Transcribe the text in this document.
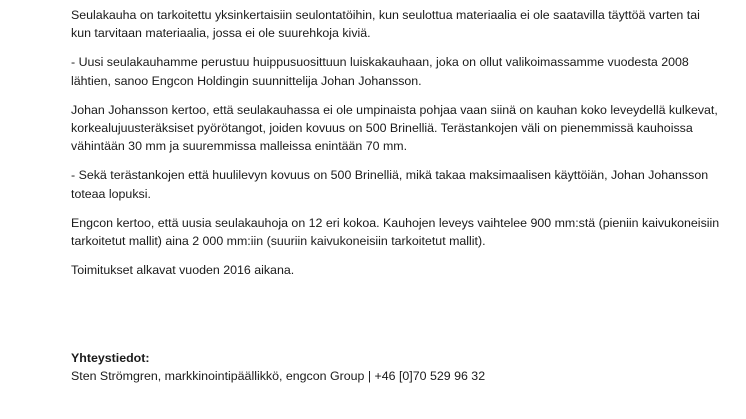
Seulakauha on tarkoitettu yksinkertaisiin seulontatöihin, kun seulottua materiaalia ei ole saatavilla täyttöä varten tai kun tarvitaan materiaalia, jossa ei ole suurehkoja kiviä.

- Uusi seulakauhamme perustuu huippusuosittuun luiskakauhaan, joka on ollut valikoimassamme vuodesta 2008 lähtien, sanoo Engcon Holdingin suunnittelija Johan Johansson.

Johan Johansson kertoo, että seulakauhassa ei ole umpinaista pohjaa vaan siinä on kauhan koko leveydellä kulkevat, korkealujuusteräksiset pyörötangot, joiden kovuus on 500 Brinelliä. Terästankojen väli on pienemmissä kauhoissa vähintään 30 mm ja suuremmissa malleissa enintään 70 mm.

- Sekä terästankojen että huulilevyn kovuus on 500 Brinelliä, mikä takaa maksimaalisen käyttöiän, Johan Johansson toteaa lopuksi.

Engcon kertoo, että uusia seulakauhoja on 12 eri kokoa. Kauhojen leveys vaihtelee 900 mm:stä (pieniin kaivukoneisiin tarkoitetut mallit) aina 2 000 mm:iin (suuriin kaivukoneisiin tarkoitetut mallit).

Toimitukset alkavat vuoden 2016 aikana.

Yhteystiedot:
Sten Strömgren, markkinointipäällikkö, engcon Group | +46 [0]70 529 96 32
